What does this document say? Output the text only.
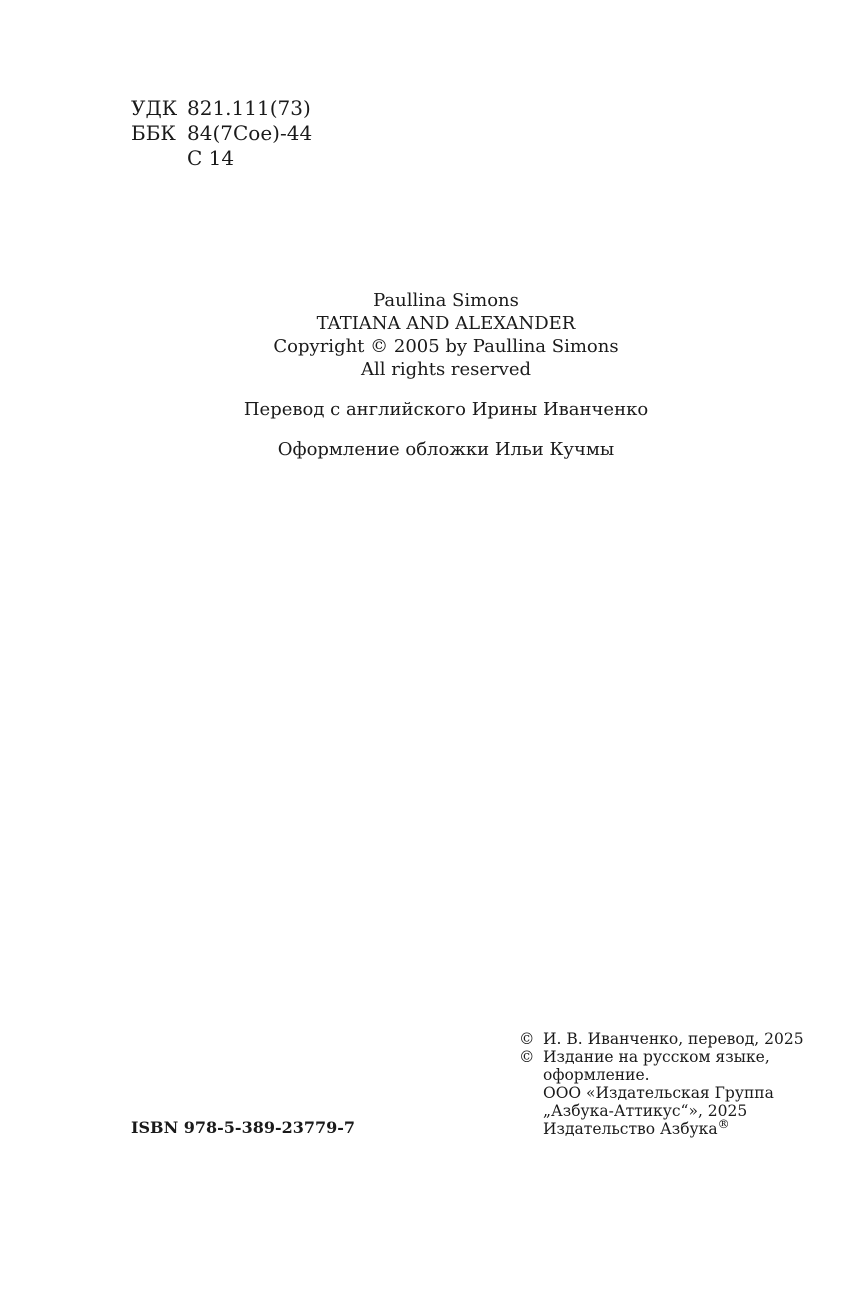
УДК 821.111(73)
ББК 84(7Сое)-44
С 14
Paullina Simons
TATIANA AND ALEXANDER
Copyright © 2005 by Paullina Simons
All rights reserved
Перевод с английского Ирины Иванченко
Оформление обложки Ильи Кучмы
ISBN 978-5-389-23779-7
© И. В. Иванченко, перевод, 2025
© Издание на русском языке,
оформление.
ООО «Издательская Группа
„Азбука-Аттикус“», 2025
Издательство Азбука®
